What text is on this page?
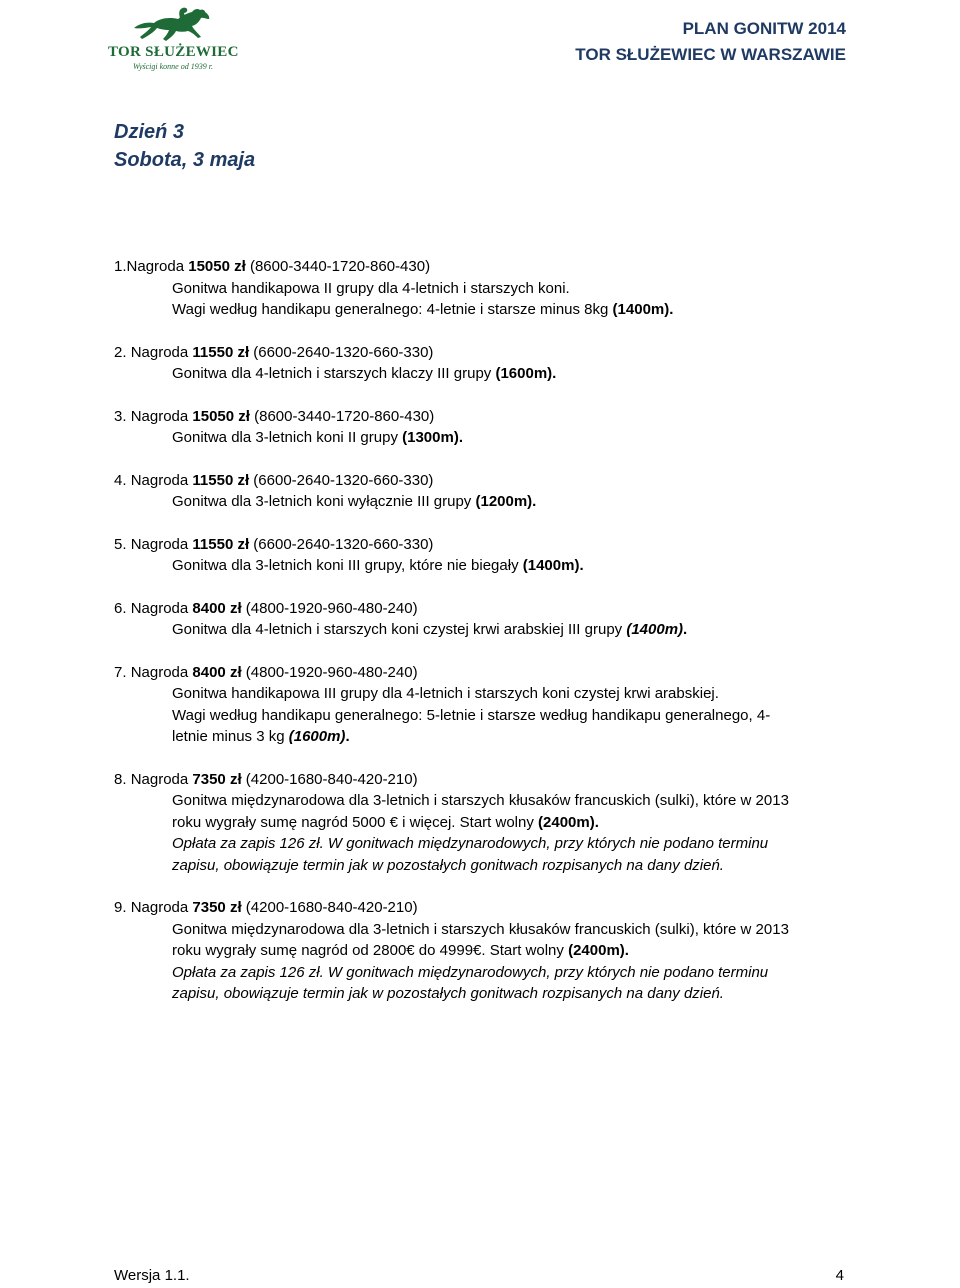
TOR SŁUŻEWIEC
Wyścigi konne od 1939 r.
PLAN GONITW 2014
TOR SŁUŻEWIEC W WARSZAWIE
Dzień 3
Sobota, 3 maja
1.Nagroda 15050 zł (8600-3440-1720-860-430)
Gonitwa handikapowa II grupy dla 4-letnich i starszych koni.
Wagi według handikapu generalnego: 4-letnie i starsze minus 8kg (1400m).
2. Nagroda 11550 zł (6600-2640-1320-660-330)
Gonitwa dla 4-letnich i starszych klaczy III grupy (1600m).
3. Nagroda 15050 zł (8600-3440-1720-860-430)
Gonitwa dla 3-letnich koni II grupy (1300m).
4. Nagroda 11550 zł (6600-2640-1320-660-330)
Gonitwa dla 3-letnich koni wyłącznie III grupy (1200m).
5. Nagroda 11550 zł (6600-2640-1320-660-330)
Gonitwa dla 3-letnich koni III grupy, które nie biegały (1400m).
6. Nagroda 8400 zł (4800-1920-960-480-240)
Gonitwa dla 4-letnich i starszych koni czystej krwi arabskiej III grupy (1400m).
7. Nagroda 8400 zł (4800-1920-960-480-240)
Gonitwa handikapowa III grupy dla 4-letnich i starszych koni czystej krwi arabskiej.
Wagi według handikapu generalnego: 5-letnie i starsze według handikapu generalnego, 4-
letnie minus 3 kg (1600m).
8. Nagroda 7350 zł (4200-1680-840-420-210)
Gonitwa międzynarodowa dla 3-letnich i starszych kłusaków francuskich (sulki), które w 2013
roku wygrały sumę nagród 5000 € i więcej. Start wolny (2400m).
Opłata za zapis 126 zł. W gonitwach międzynarodowych, przy których nie podano terminu
zapisu, obowiązuje termin jak w pozostałych gonitwach rozpisanych na dany dzień.
9. Nagroda 7350 zł (4200-1680-840-420-210)
Gonitwa międzynarodowa dla 3-letnich i starszych kłusaków francuskich (sulki), które w 2013
roku wygrały sumę nagród od 2800€ do 4999€. Start wolny (2400m).
Opłata za zapis 126 zł. W gonitwach międzynarodowych, przy których nie podano terminu
zapisu, obowiązuje termin jak w pozostałych gonitwach rozpisanych na dany dzień.
Wersja 1.1.	4
